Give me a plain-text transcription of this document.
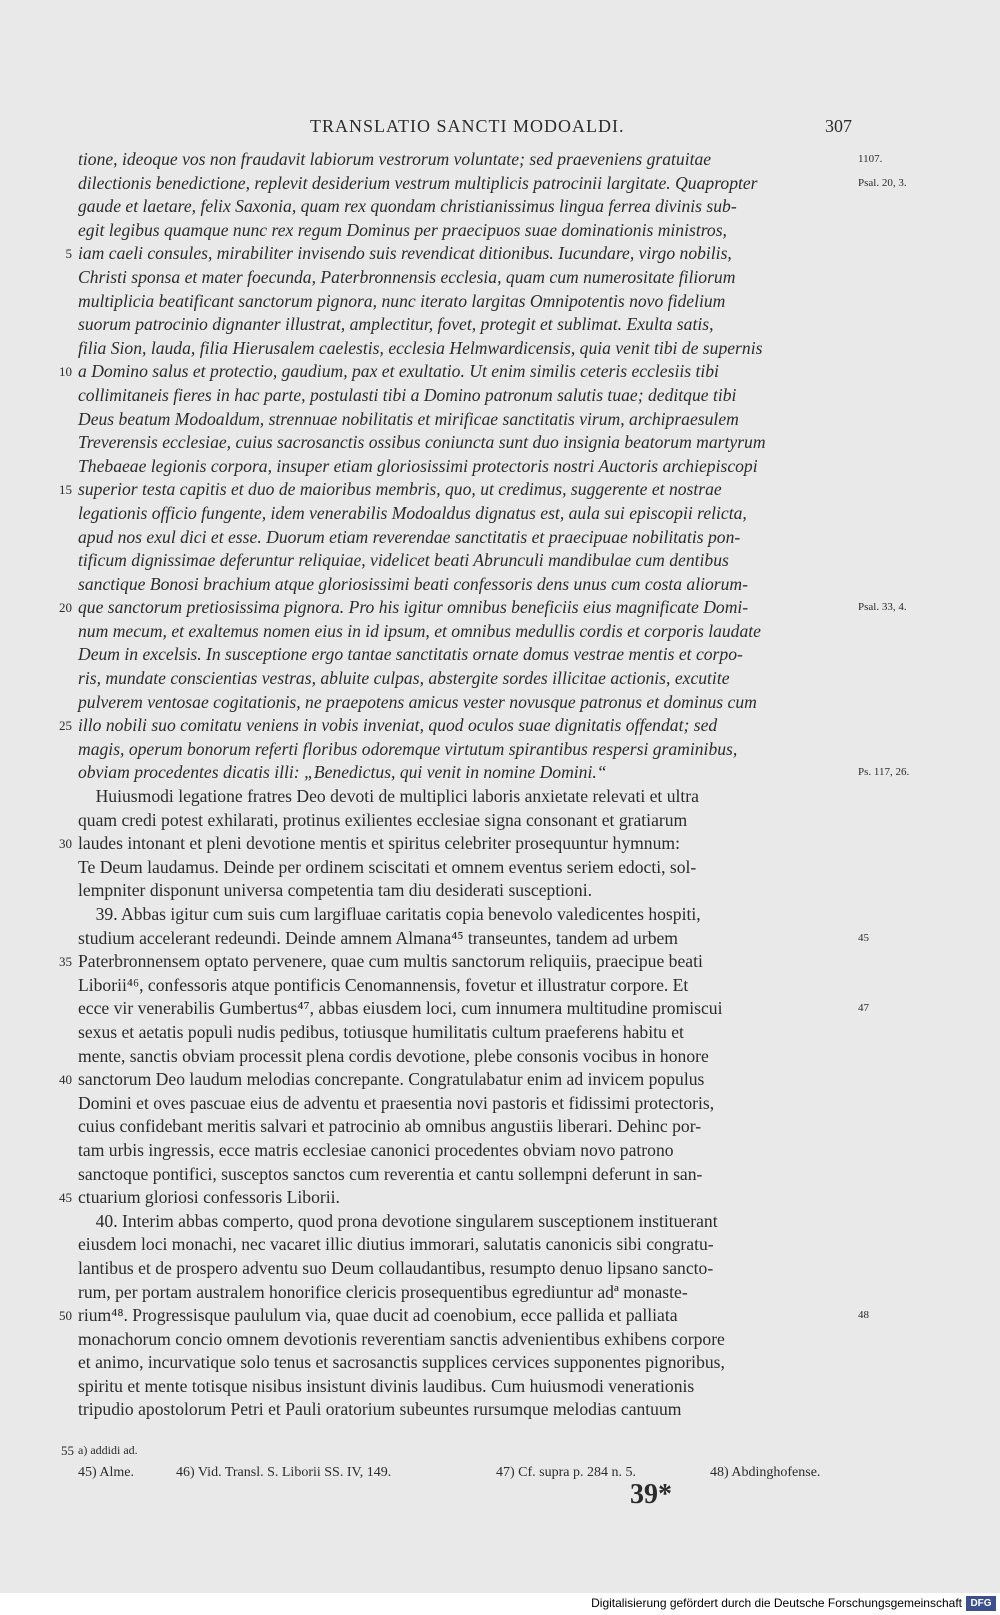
TRANSLATIO SANCTI MODOALDI.	307
tione, ideoque vos non fraudavit labiorum vestrorum voluntate; sed praeveniens gratuitae	1107.
dilectionis benedictione, replevit desiderium vestrum multiplicis patrocinii largitate. Quapropter	Psal. 20, 3.
gaude et laetare, felix Saxonia, quam rex quondam christianissimus lingua ferrea divinis sub-
egit legibus quamque nunc rex regum Dominus per praecipuos suae dominationis ministros,
5 iam caeli consules, mirabiliter invisendo suis revendicat ditionibus. Iucundare, virgo nobilis,
Christi sponsa et mater foecunda, Paterbronnensis ecclesia, quam cum numerositate filiorum
multiplicia beatificant sanctorum pignora, nunc iterato largitas Omnipotentis novo fidelium
suorum patrocinio dignanter illustrat, amplectitur, fovet, protegit et sublimat. Exulta satis,
filia Sion, lauda, filia Hierusalem caelestis, ecclesia Helmwardicensis, quia venit tibi de supernis
10 a Domino salus et protectio, gaudium, pax et exultatio. Ut enim similis ceteris ecclesiis tibi
collimitaneis fieres in hac parte, postulasti tibi a Domino patronum salutis tuae; deditque tibi
Deus beatum Modoaldum, strennuae nobilitatis et mirificae sanctitatis virum, archipraesulem
Treverensis ecclesiae, cuius sacrosanctis ossibus coniuncta sunt duo insignia beatorum martyrum
Thebaeae legionis corpora, insuper etiam gloriosissimi protectoris nostri Auctoris archiepiscopi
15 superior testa capitis et duo de maioribus membris, quo, ut credimus, suggerente et nostrae
legationis officio fungente, idem venerabilis Modoaldus dignatus est, aula sui episcopii relicta,
apud nos exul dici et esse. Duorum etiam reverendae sanctitatis et praecipuae nobilitatis pon-
tificum dignissimae deferuntur reliquiae, videlicet beati Abrunculi mandibulae cum dentibus
sanctique Bonosi brachium atque gloriosissimi beati confessoris dens unus cum costa aliorum-
20 que sanctorum pretiosissima pignora. Pro his igitur omnibus beneficiis eius magnificate Domi-	Psal. 33, 4.
num mecum, et exaltemus nomen eius in id ipsum, et omnibus medullis cordis et corporis laudate
Deum in excelsis. In susceptione ergo tantae sanctitatis ornate domus vestrae mentis et corpo-
ris, mundate conscientias vestras, abluite culpas, abstergite sordes illicitae actionis, excutite
pulverem ventosae cogitationis, ne praepotens amicus vester novusque patronus et dominus cum
25 illo nobili suo comitatu veniens in vobis inveniat, quod oculos suae dignitatis offendat; sed
magis, operum bonorum referti floribus odoremque virtutum spirantibus respersi graminibus,
obviam procedentes dicatis illi: „Benedictus, qui venit in nomine Domini.“	Ps. 117, 26.
Huiusmodi legatione fratres Deo devoti de multiplici laboris anxietate relevati et ultra
quam credi potest exhilarati, protinus exilientes ecclesiae signa consonant et gratiarum
30 laudes intonant et pleni devotione mentis et spiritus celebriter prosequuntur hymnum:
Te Deum laudamus. Deinde per ordinem sciscitati et omnem eventus seriem edocti, sol-
lempniter disponunt universa competentia tam diu desiderati susceptioni.
39. Abbas igitur cum suis cum largifluae caritatis copia benevolo valedicentes hospiti,
studium accelerant redeundi. Deinde amnem Almana⁴⁵ transeuntes, tandem ad urbem	45
35 Paterbronnensem optato pervenere, quae cum multis sanctorum reliquiis, praecipue beati
Liborii⁴⁶, confessoris atque pontificis Cenomannensis, fovetur et illustratur corpore. Et
ecce vir venerabilis Gumbertus⁴⁷, abbas eiusdem loci, cum innumera multitudine promiscui	47
sexus et aetatis populi nudis pedibus, totiusque humilitatis cultum praeferens habitu et
mente, sanctis obviam processit plena cordis devotione, plebe consonis vocibus in honore
40 sanctorum Deo laudum melodias concrepante. Congratulabatur enim ad invicem populus
Domini et oves pascuae eius de adventu et praesentia novi pastoris et fidissimi protectoris,
cuius confidebant meritis salvari et patrocinio ab omnibus angustiis liberari. Dehinc por-
tam urbis ingressis, ecce matris ecclesiae canonici procedentes obviam novo patrono
sanctoque pontifici, susceptos sanctos cum reverentia et cantu sollempni deferunt in san-
45 ctuarium gloriosi confessoris Liborii.
40. Interim abbas comperto, quod prona devotione singularem susceptionem instituerant
eiusdem loci monachi, nec vacaret illic diutius immorari, salutatis canonicis sibi congratu-
lantibus et de prospero adventu suo Deum collaudantibus, resumpto denuo lipsano sancto-
rum, per portam australem honorifice clericis prosequentibus egrediuntur adª monaste-
50 rium⁴⁸. Progressisque paululum via, quae ducit ad coenobium, ecce pallida et palliata	48
monachorum concio omnem devotionis reverentiam sanctis advenientibus exhibens corpore
et animo, incurvatique solo tenus et sacrosanctis supplices cervices supponentes pignoribus,
spiritu et mente totisque nisibus insistunt divinis laudibus. Cum huiusmodi venerationis
tripudio apostolorum Petri et Pauli oratorium subeuntes rursumque melodias cantuum
55 a) addidi ad.
45) Alme.	46) Vid. Transl. S. Liborii SS. IV, 149.	47) Cf. supra p. 284 n. 5.	48) Abdinghofense.
39*
Digitalisierung gefördert durch die Deutsche Forschungsgemeinschaft DFG
